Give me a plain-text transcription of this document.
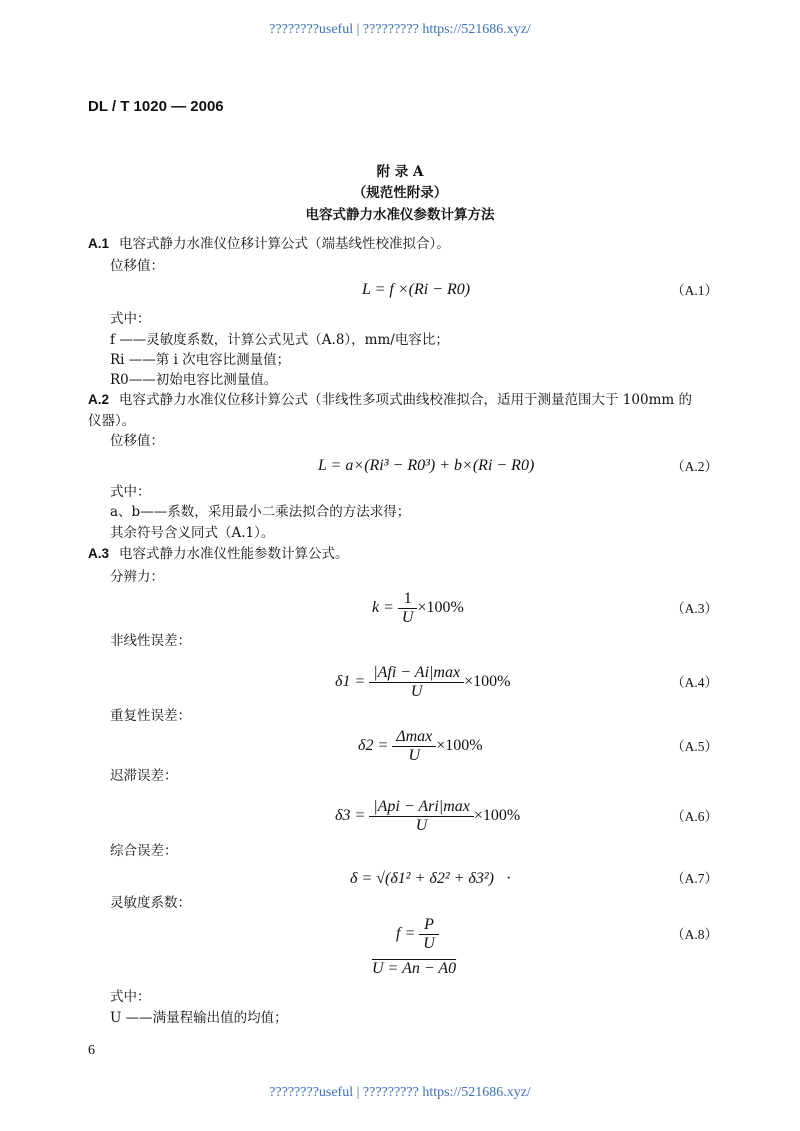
????????useful | ????????? https://521686.xyz/
DL / T 1020 — 2006
附 录 A
（规范性附录）
电容式静力水准仪参数计算方法
A.1 电容式静力水准仪位移计算公式（端基线性校准拟合）。
位移值：
L = f ×(Ri − R0)	（A.1）
式中：
f ——灵敏度系数，计算公式见式（A.8），mm/电容比；
Ri ——第 i 次电容比测量值；
R0——初始电容比测量值。
A.2 电容式静力水准仪位移计算公式（非线性多项式曲线校准拟合，适用于测量范围大于 100mm 的
仪器）。
位移值：
L = a×(Ri³ − R0³) + b×(Ri − R0)	（A.2）
式中：
a、b——系数，采用最小二乘法拟合的方法求得；
其余符号含义同式（A.1）。
A.3 电容式静力水准仪性能参数计算公式。
分辨力：
$k = \frac{1}{U} \times 100\%$	（A.3）
非线性误差：
$\delta 1 = \frac{\text{|Afi − Ai|max}}{U} \times 100\%$	（A.4）
重复性误差：
$\delta 2 = \frac{\Delta\max}{U} \times 100\%$	（A.5）
迟滞误差：
$\delta 3 = \frac{\text{|Api − Ari|max}}{U} \times 100\%$	（A.6）
综合误差：
δ = √(δ1² + δ2² + δ3²) ·	（A.7）
灵敏度系数：
$f = \frac{P}{U}$	（A.8）
U = An − A0
式中：
U ——满量程输出值的均值；
6
????????useful | ????????? https://521686.xyz/
